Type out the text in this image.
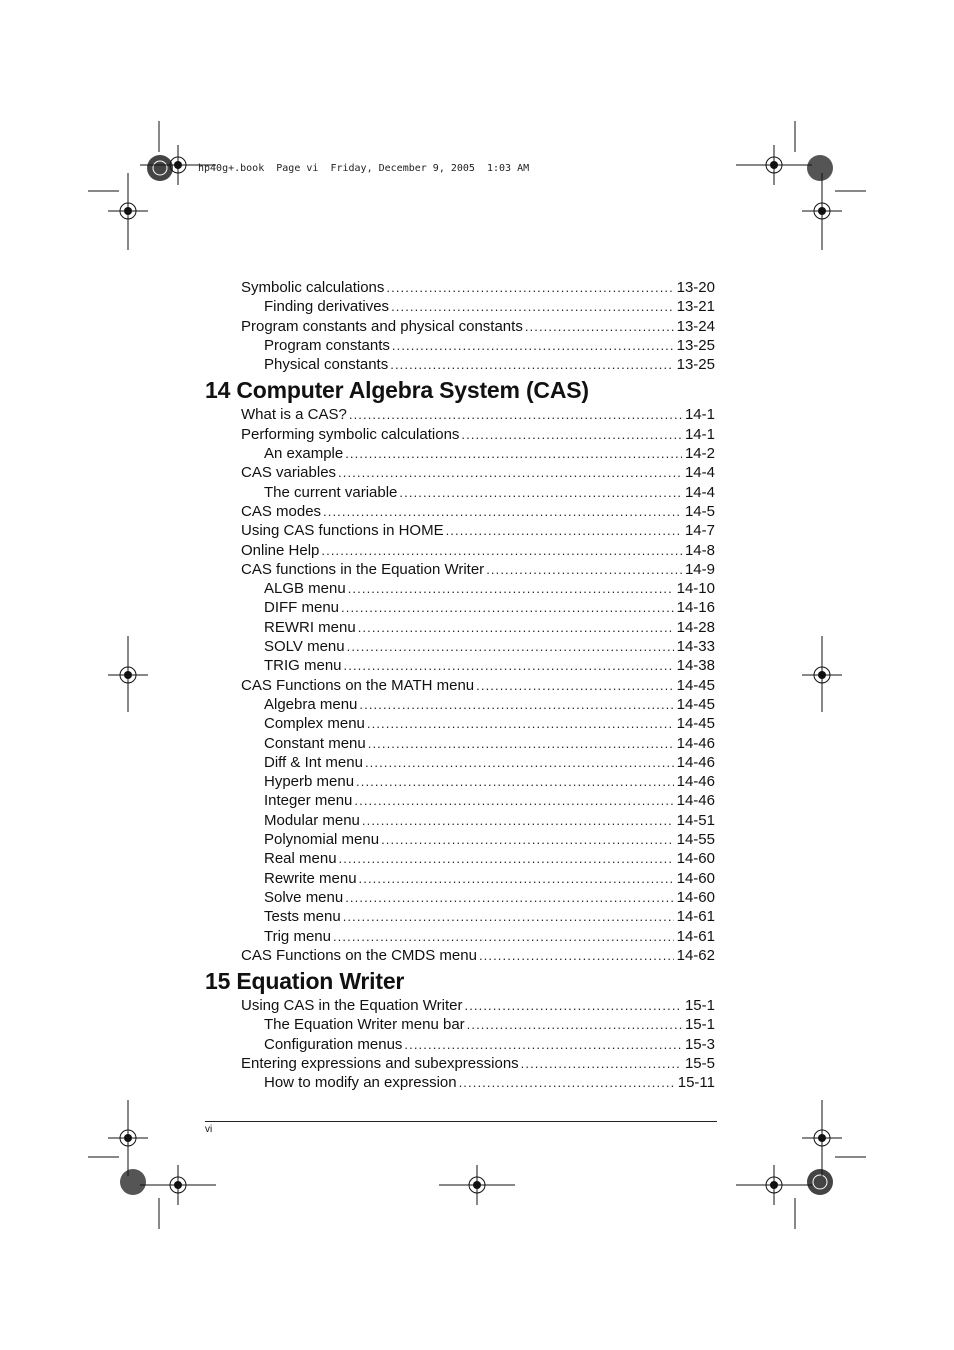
hp40g+.book  Page vi  Friday, December 9, 2005  1:03 AM
Symbolic calculations .....	13-20
Finding derivatives .....	13-21
Program constants and physical constants .....	13-24
Program constants .....	13-25
Physical constants .....	13-25
14 Computer Algebra System (CAS)
What is a CAS? .....	14-1
Performing symbolic calculations .....	14-1
An example .....	14-2
CAS variables .....	14-4
The current variable .....	14-4
CAS modes .....	14-5
Using CAS functions in HOME .....	14-7
Online Help .....	14-8
CAS functions in the Equation Writer .....	14-9
ALGB menu .....	14-10
DIFF menu .....	14-16
REWRI menu .....	14-28
SOLV menu .....	14-33
TRIG menu .....	14-38
CAS Functions on the MATH menu .....	14-45
Algebra menu .....	14-45
Complex menu .....	14-45
Constant menu .....	14-46
Diff & Int menu .....	14-46
Hyperb menu .....	14-46
Integer menu .....	14-46
Modular menu .....	14-51
Polynomial menu .....	14-55
Real menu .....	14-60
Rewrite menu .....	14-60
Solve menu .....	14-60
Tests menu .....	14-61
Trig menu .....	14-61
CAS Functions on the CMDS menu .....	14-62
15 Equation Writer
Using CAS in the Equation Writer .....	15-1
The Equation Writer menu bar .....	15-1
Configuration menus .....	15-3
Entering expressions and subexpressions .....	15-5
How to modify an expression .....	15-11
vi
